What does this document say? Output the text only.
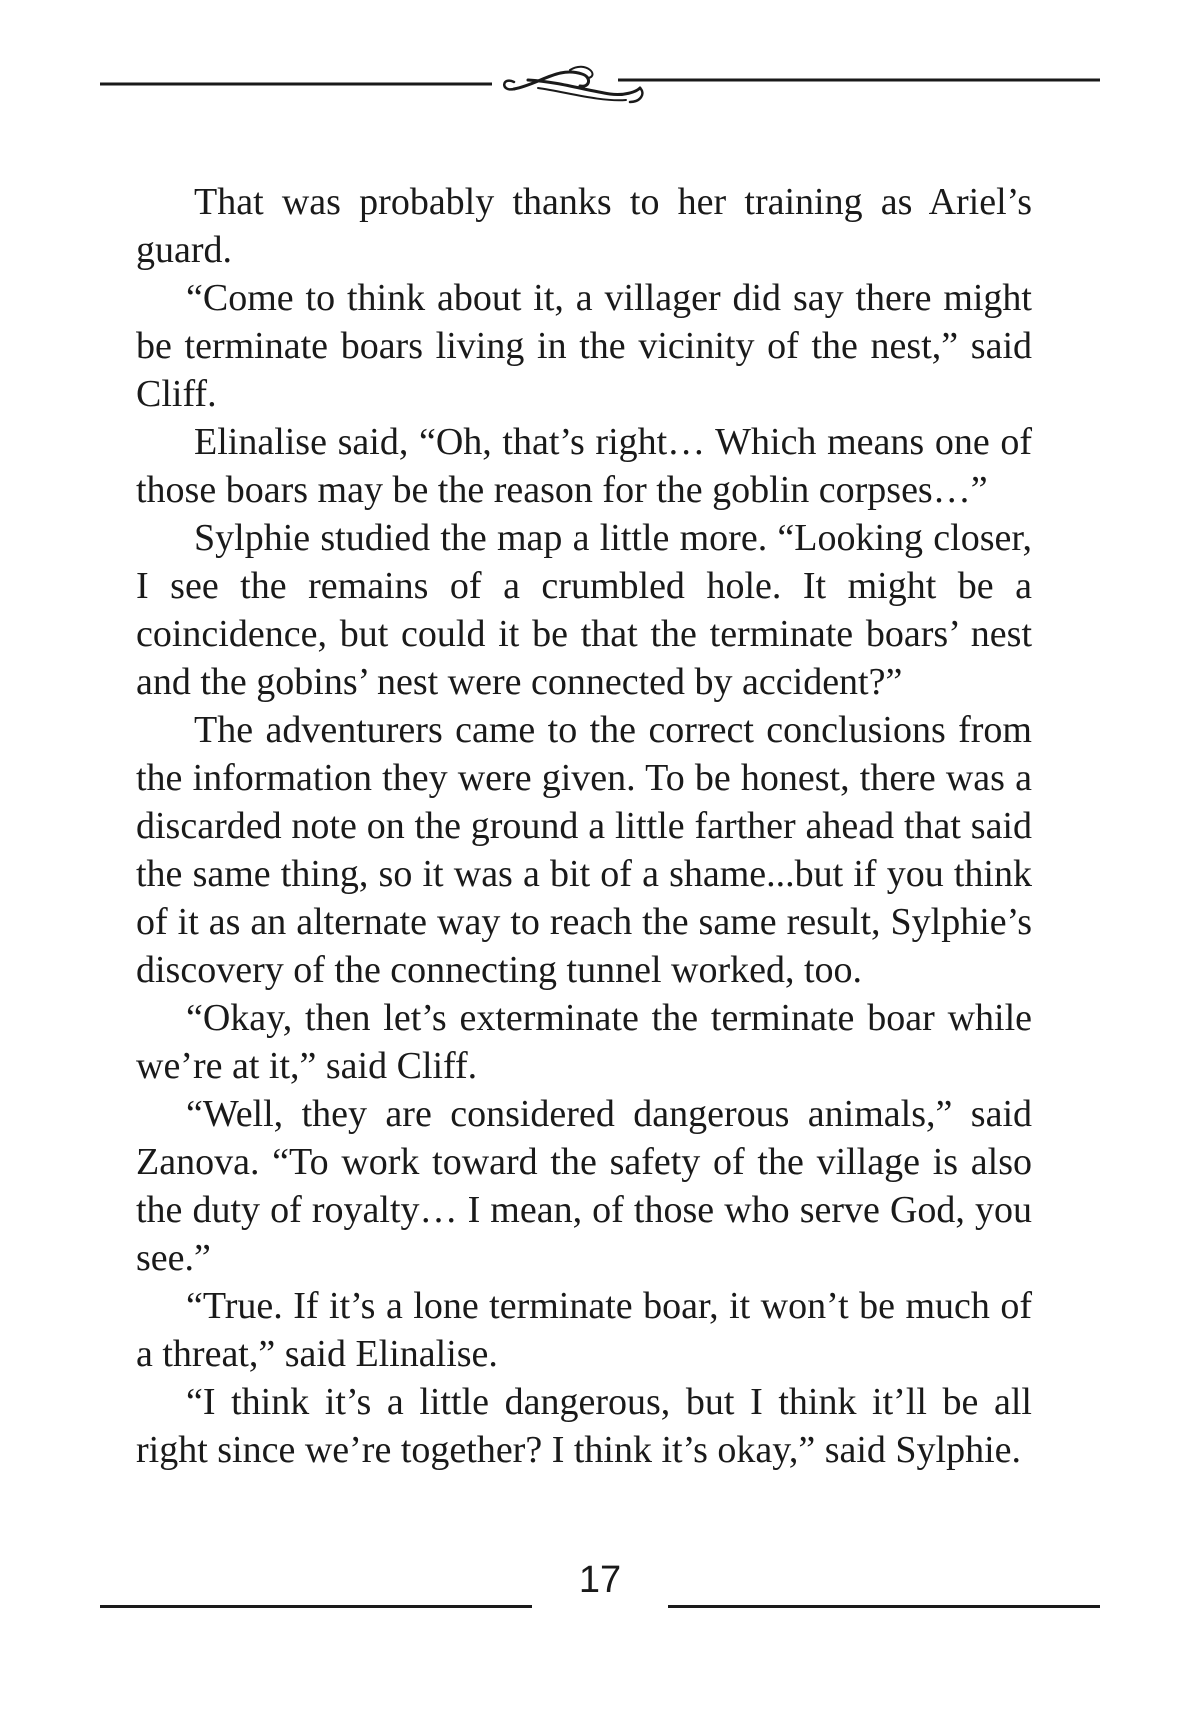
That was probably thanks to her training as Ariel’s guard.

“Come to think about it, a villager did say there might be terminate boars living in the vicinity of the nest,” said Cliff.

Elinalise said, “Oh, that’s right… Which means one of those boars may be the reason for the goblin corpses…”

Sylphie studied the map a little more. “Looking closer, I see the remains of a crumbled hole. It might be a coincidence, but could it be that the terminate boars’ nest and the gobins’ nest were connected by accident?”

The adventurers came to the correct conclusions from the information they were given. To be honest, there was a discarded note on the ground a little farther ahead that said the same thing, so it was a bit of a shame...but if you think of it as an alternate way to reach the same result, Sylphie’s discovery of the connecting tunnel worked, too.

“Okay, then let’s exterminate the terminate boar while we’re at it,” said Cliff.

“Well, they are considered dangerous animals,” said Zanova. “To work toward the safety of the village is also the duty of royalty… I mean, of those who serve God, you see.”

“True. If it’s a lone terminate boar, it won’t be much of a threat,” said Elinalise.

“I think it’s a little dangerous, but I think it’ll be all right since we’re together? I think it’s okay,” said Sylphie.

17
